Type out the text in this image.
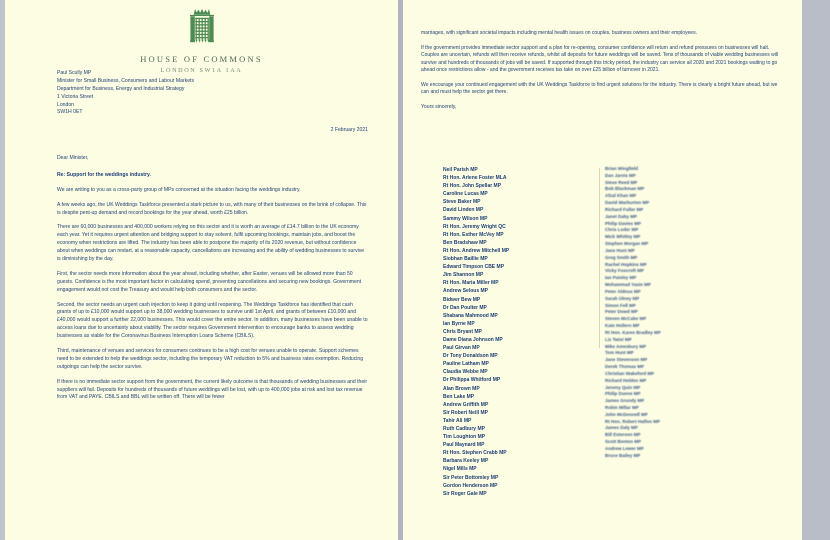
HOUSE OF COMMONS
LONDON SW1A 1AA
Paul Scully MP
Minister for Small Business, Consumers and Labour Markets
Department for Business, Energy and Industrial Strategy
1 Victoria Street
London
SW1H 0ET
2 February 2021

Dear Minister,

Re: Support for the weddings industry.

We are writing to you as a cross-party group of MPs concerned at the situation facing the weddings industry.

A few weeks ago, the UK Weddings Taskforce presented a stark picture to us, with many of their businesses on the brink of collapse. This is despite pent-up demand and record bookings for the year ahead, worth £25 billion.

There are 60,000 businesses and 400,000 workers relying on this sector and it is worth an average of £14.7 billion to the UK economy each year. Yet it requires urgent attention and bridging support to stay solvent, fulfil upcoming bookings, maintain jobs, and boost the economy when restrictions are lifted. The industry has been able to postpone the majority of its 2020 revenue, but without confidence about when weddings can restart, at a reasonable capacity, cancellations are increasing and the ability of wedding businesses to survive is diminishing by the day.

First, the sector needs more information about the year ahead, including whether, after Easter, venues will be allowed more than 50 guests. Confidence is the most important factor in calculating spend, preventing cancellations and securing new bookings. Government engagement would not cost the Treasury and would help both consumers and the sector.

Second, the sector needs an urgent cash injection to keep it going until reopening. The Weddings Taskforce has identified that cash grants of up to £10,000 would support up to 38,000 wedding businesses to survive until 1st April, and grants of between £10,000 and £40,000 would support a further 22,000 businesses. This would cover the entire sector. In addition, many businesses have been unable to access loans due to uncertainty about viability. The sector requires Government intervention to encourage banks to assess wedding businesses as viable for the Coronavirus Business Interruption Loans Scheme (CBILS).

Third, maintenance of venues and services for consumers continues to be a high cost for venues unable to operate. Support schemes need to be extended to help the weddings sector, including the temporary VAT reduction to 5% and business rates exemption. Reducing outgoings can help the sector survive.

If there is no immediate sector support from the government, the current likely outcome is that thousands of wedding businesses and their suppliers will fail. Deposits for hundreds of thousands of future weddings will be lost, with up to 400,000 jobs at risk and lost tax revenue from VAT and PAYE. CBILS and BBL will be written off. There will be fewer

marriages, with significant societal impacts including mental health issues on couples, business owners and their employees.

If the government provides immediate sector support and a plan for re-opening, consumer confidence will return and refund pressures on businesses will halt. Couples are uncertain, refunds will then receive refunds, whilst all deposits for future weddings will be saved. Tens of thousands of viable wedding businesses will survive and hundreds of thousands of jobs will be saved. If supported through this tricky period, the industry can service all 2020 and 2021 bookings waiting to go ahead once restrictions allow - and the government receives tax take on over £25 billion of turnover in 2021.

We encourage your continued engagement with the UK Weddings Taskforce to find urgent solutions for the industry. There is clearly a bright future ahead, but we can and must help the sector get there.

Yours sincerely,

Neil Parish MP
Rt Hon. Arlene Foster MLA
Rt Hon. John Spellar MP
Caroline Lucas MP
Steve Baker MP
David Linden MP
Sammy Wilson MP
Rt Hon. Jeremy Wright QC
Rt Hon. Esther McVey MP
Ben Bradshaw MP
Rt Hon. Andrew Mitchell MP
Siobhan Baillie MP
Edward Timpson CBE MP
Jim Shannon MP
Rt Hon. Maria Miller MP
Andrew Selous MP
Bidwer Bew MP
Dr Dan Poulter MP
Shabana Mahmood MP
Ian Byrne MP
Chris Bryant MP
Dame Diana Johnson MP
Paul Girvan MP
Dr Tony Donaldson MP
Pauline Latham MP
Claudia Webbe MP
Dr Philippa Whitford MP
Alan Brown MP
Ben Lake MP
Andrew Griffith MP
Sir Robert Neill MP
Tahir Ali MP
Ruth Cadbury MP
Tim Loughton MP
Paul Maynard MP
Rt Hon. Stephen Crabb MP
Barbara Keeley MP
Nigel Mills MP
Sir Peter Bottomley MP
Gordon Henderson MP
Sir Roger Gale MP
Brian Wingfield
Dan Jarvis MP
Steve Reed MP
Bob Blackman MP
Afzal Khan MP
David Warburton MP
Richard Fuller MP
Janet Daby MP
Philip Davies MP
Chris Loder MP
Mick Whitley MP
Stephen Morgan MP
Jane Hunt MP
Greg Smith MP
Rachel Hopkins MP
Vicky Foxcroft MP
Ian Paisley MP
Mohammad Yasin MP
Peter Aldous MP
Sarah Olney MP
Simon Fell MP
Peter Dowd MP
Steven McCabe MP
Kate Hollern MP
Rt Hon. Karen Bradley MP
Liz Twist MP
Mike Amesbury MP
Tom Hunt MP
Jane Stevenson MP
Derek Thomas MP
Christian Wakeford MP
Richard Holden MP
Jeremy Quin MP
Philip Dunne MP
James Grundy MP
Robin Millar MP
John McDonnell MP
Rt Hon. Robert Halfon MP
James Daly MP
Bill Esterson MP
Scott Benton MP
Andrew Lewer MP
Bruce Bailey MP
